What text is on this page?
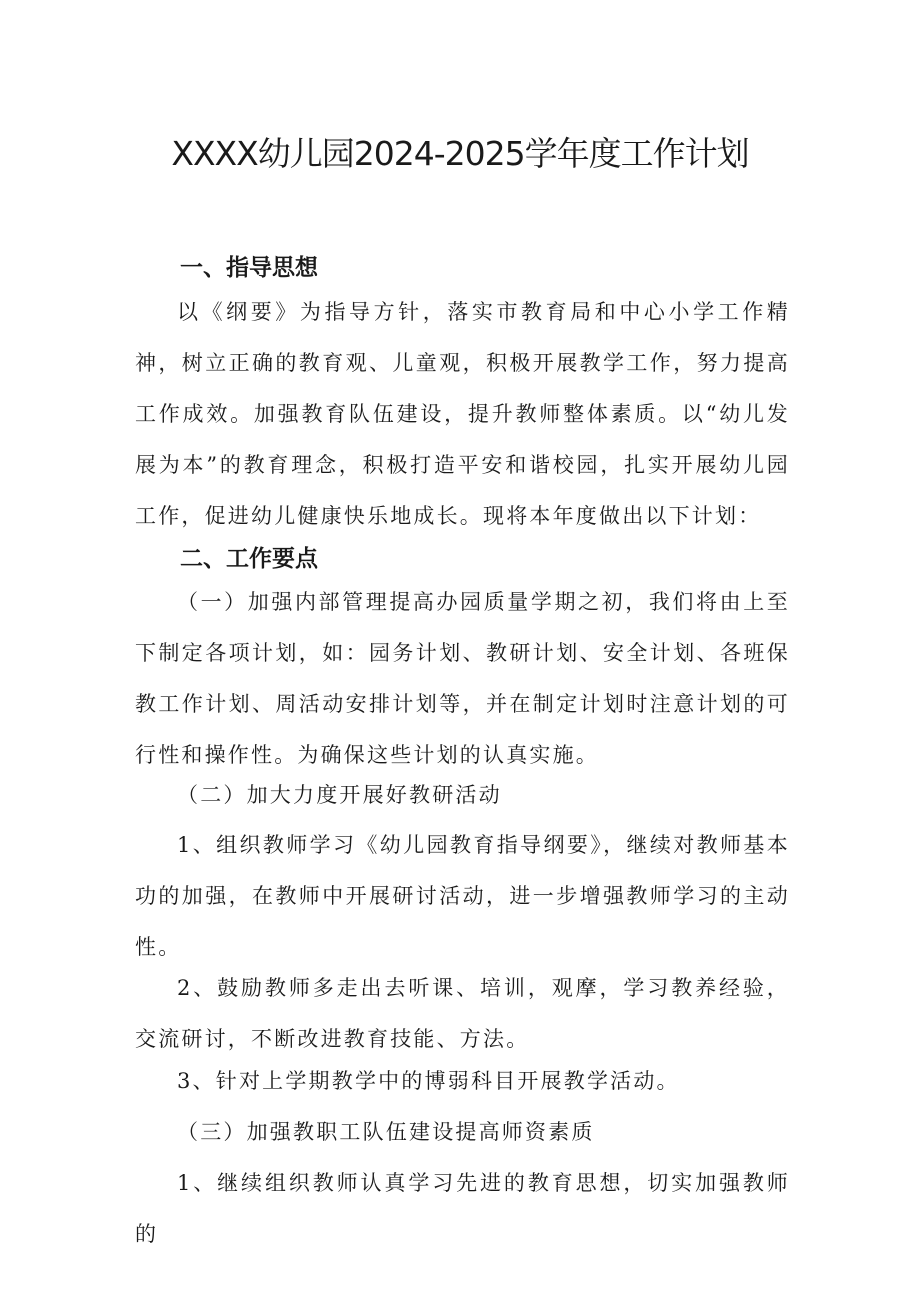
XXXX幼儿园2024-2025学年度工作计划
一、指导思想

以《纲要》为指导方针，落实市教育局和中心小学工作精神，树立正确的教育观、儿童观，积极开展教学工作，努力提高工作成效。加强教育队伍建设，提升教师整体素质。以“幼儿发展为本”的教育理念，积极打造平安和谐校园，扎实开展幼儿园工作，促进幼儿健康快乐地成长。现将本年度做出以下计划：

二、工作要点

（一）加强内部管理提高办园质量学期之初，我们将由上至下制定各项计划，如：园务计划、教研计划、安全计划、各班保教工作计划、周活动安排计划等，并在制定计划时注意计划的可行性和操作性。为确保这些计划的认真实施。

（二）加大力度开展好教研活动

1、组织教师学习《幼儿园教育指导纲要》，继续对教师基本功的加强，在教师中开展研讨活动，进一步增强教师学习的主动性。

2、鼓励教师多走出去听课、培训，观摩，学习教养经验，交流研讨，不断改进教育技能、方法。

3、针对上学期教学中的博弱科目开展教学活动。

（三）加强教职工队伍建设提高师资素质

1、继续组织教师认真学习先进的教育思想，切实加强教师的
